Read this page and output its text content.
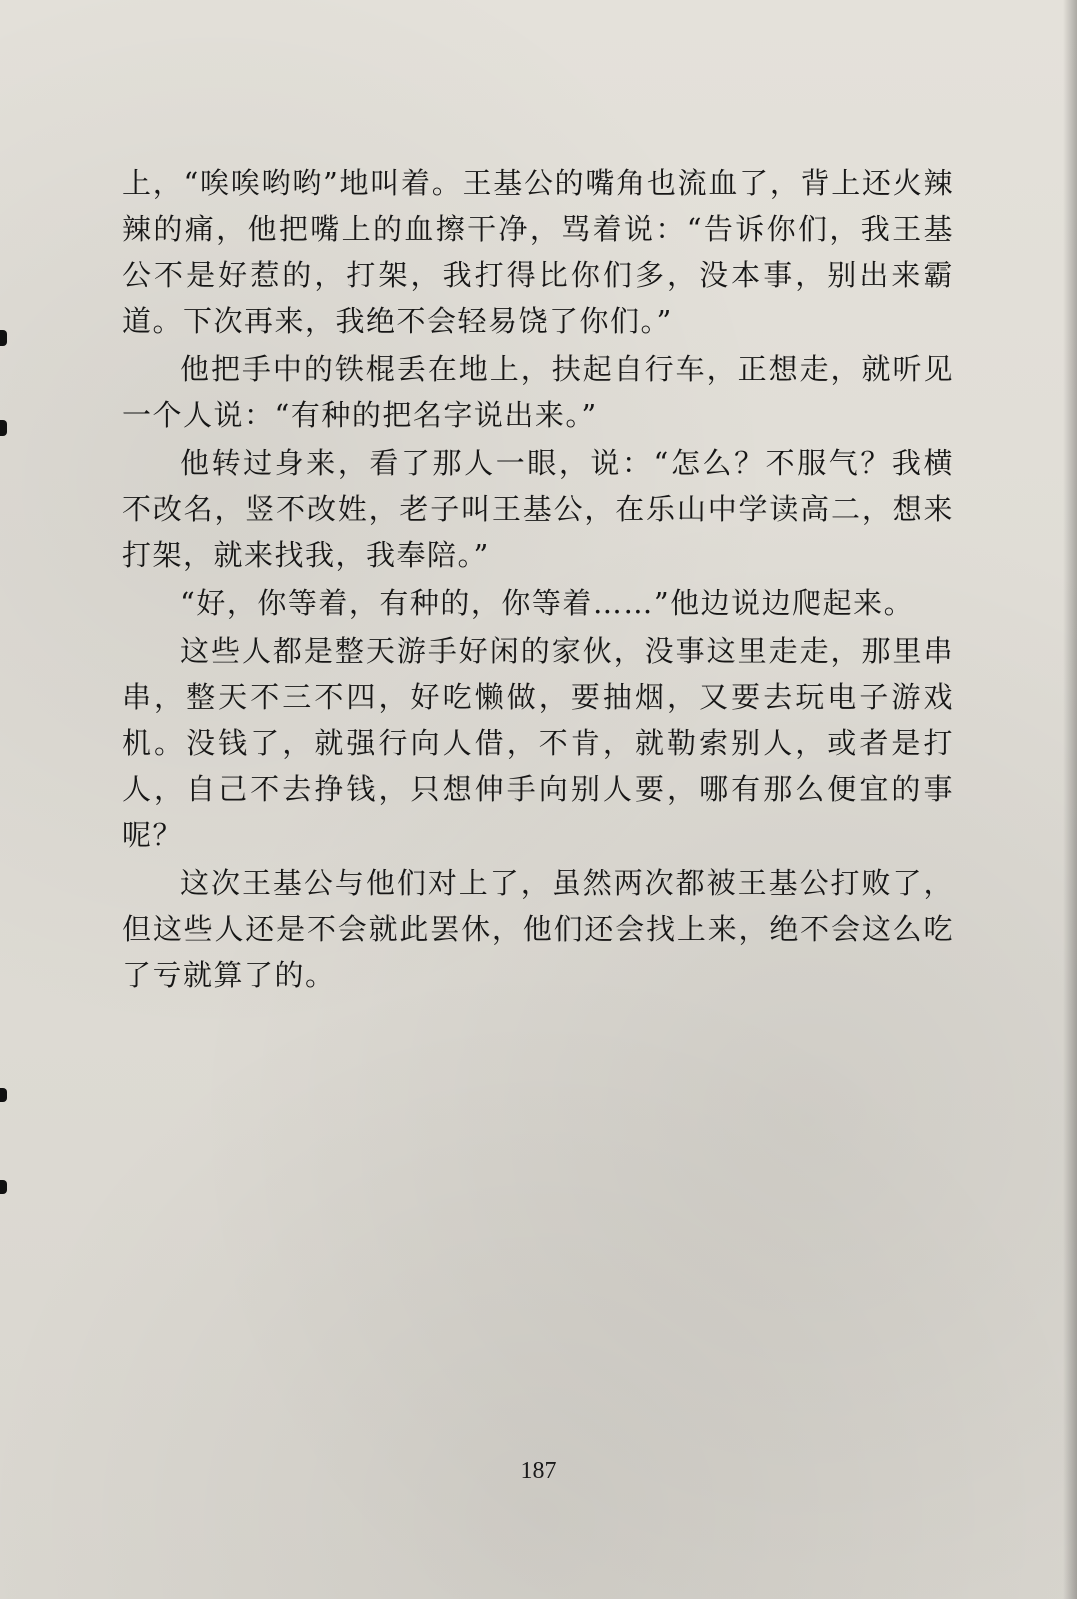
上，“唉唉哟哟”地叫着。王基公的嘴角也流血了，背上还火辣辣的痛，他把嘴上的血擦干净，骂着说：“告诉你们，我王基公不是好惹的，打架，我打得比你们多，没本事，别出来霸道。下次再来，我绝不会轻易饶了你们。”

他把手中的铁棍丢在地上，扶起自行车，正想走，就听见一个人说：“有种的把名字说出来。”

他转过身来，看了那人一眼，说：“怎么？不服气？我横不改名，竖不改姓，老子叫王基公，在乐山中学读高二，想来打架，就来找我，我奉陪。”

“好，你等着，有种的，你等着……”他边说边爬起来。

这些人都是整天游手好闲的家伙，没事这里走走，那里串串，整天不三不四，好吃懒做，要抽烟，又要去玩电子游戏机。没钱了，就强行向人借，不肯，就勒索别人，或者是打人，自己不去挣钱，只想伸手向别人要，哪有那么便宜的事呢？

这次王基公与他们对上了，虽然两次都被王基公打败了，但这些人还是不会就此罢休，他们还会找上来，绝不会这么吃了亏就算了的。

187
